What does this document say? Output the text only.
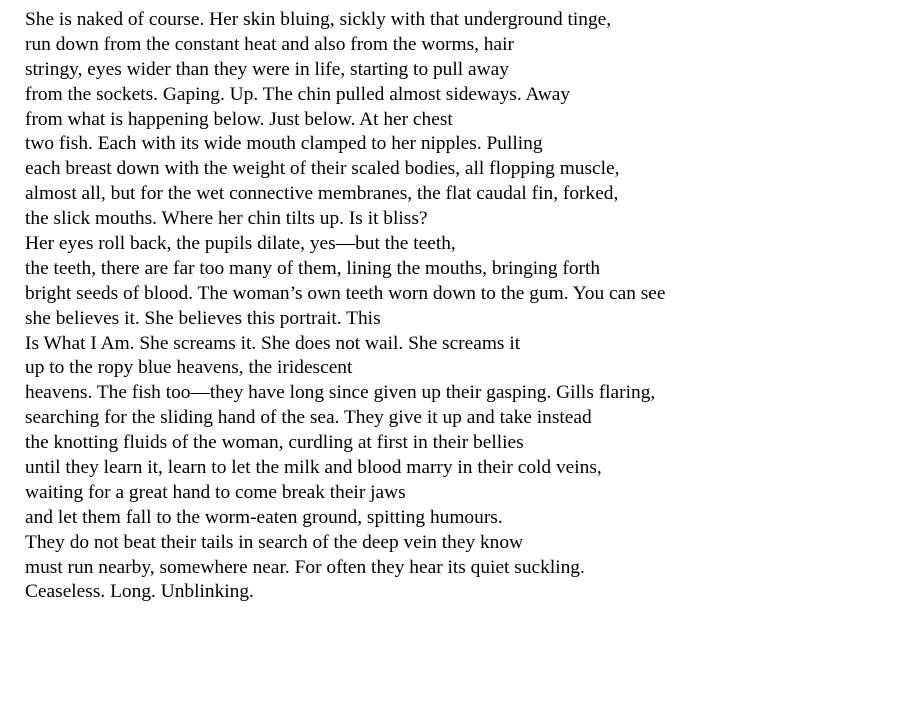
She is naked of course. Her skin bluing, sickly with that underground tinge,
run down from the constant heat and also from the worms, hair
stringy, eyes wider than they were in life, starting to pull away
from the sockets. Gaping. Up. The chin pulled almost sideways. Away
from what is happening below. Just below. At her chest
two fish. Each with its wide mouth clamped to her nipples. Pulling
each breast down with the weight of their scaled bodies, all flopping muscle,
almost all, but for the wet connective membranes, the flat caudal fin, forked,
the slick mouths. Where her chin tilts up. Is it bliss?
Her eyes roll back, the pupils dilate, yes—but the teeth,
the teeth, there are far too many of them, lining the mouths, bringing forth
bright seeds of blood. The woman’s own teeth worn down to the gum. You can see
she believes it. She believes this portrait. This
Is What I Am. She screams it. She does not wail. She screams it
up to the ropy blue heavens, the iridescent
heavens. The fish too—they have long since given up their gasping. Gills flaring,
searching for the sliding hand of the sea. They give it up and take instead
the knotting fluids of the woman, curdling at first in their bellies
until they learn it, learn to let the milk and blood marry in their cold veins,
waiting for a great hand to come break their jaws
and let them fall to the worm-eaten ground, spitting humours.
They do not beat their tails in search of the deep vein they know
must run nearby, somewhere near. For often they hear its quiet suckling.
Ceaseless. Long. Unblinking.
